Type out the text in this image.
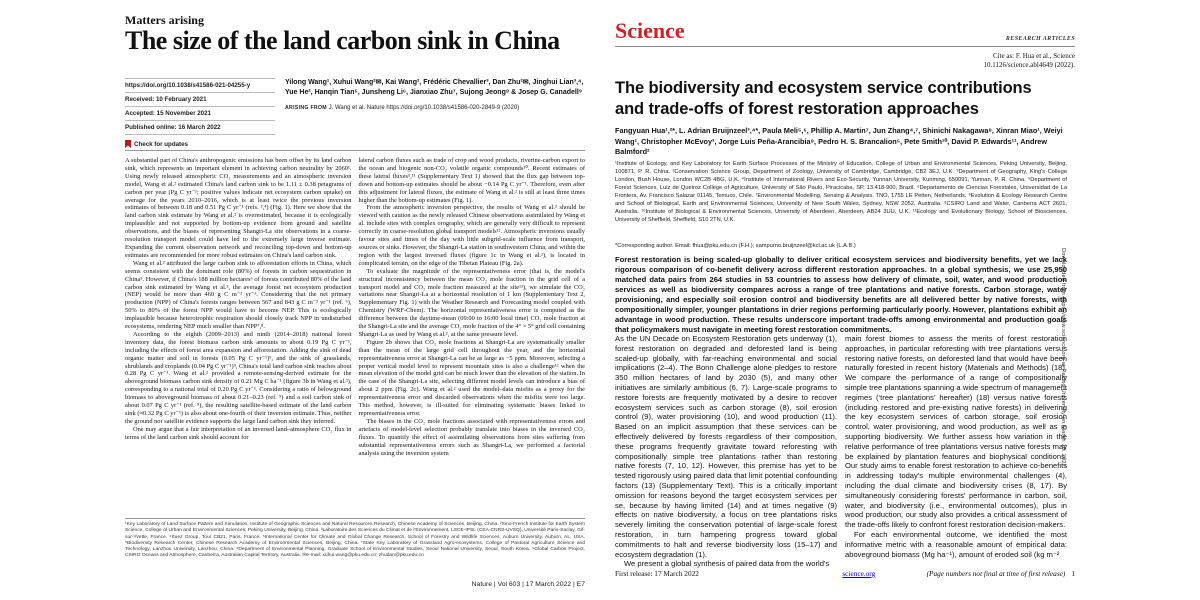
Matters arising
The size of the land carbon sink in China
https://doi.org/10.1038/s41586-021-04255-y
Received: 10 February 2021
Accepted: 15 November 2021
Published online: 16 March 2022
Check for updates
Yilong Wang¹, Xuhui Wang²✉, Kai Wang², Frédéric Chevallier³, Dan Zhu²✉, Jinghui Lian³,⁴, Yue He², Hanqin Tian⁵, Junsheng Li⁶, Jianxiao Zhu⁷, Sujong Jeong⁸ & Josep G. Canadell⁹
ARISING FROM J. Wang et al. Nature https://doi.org/10.1038/s41586-020-2849-9 (2020)

A substantial part of China's anthropogenic emissions has been offset by its land carbon sink, which represents an important element in achieving carbon neutrality by 2060¹. Using newly released atmospheric CO₂ measurements and an atmospheric inversion model, Wang et al.² estimated China's land carbon sink to be 1.11 ± 0.38 petagrams of carbon per year (Pg C yr⁻¹; positive values indicate net ecosystem carbon uptake) on average for the years 2010–2016, which is at least twice the previous inversion estimates of between 0.18 and 0.51 Pg C yr⁻¹ (refs. ³,⁴) (Fig. 1). Here we show that the land carbon sink estimate by Wang et al.² is overestimated, because it is ecologically implausible and not supported by bottom-up evidence from ground and satellite observations, and the biases of representing Shangri-La site observations in a coarse-resolution transport model could have led to the extremely large inverse estimate. Expanding the current observation network and reconciling top-down and bottom-up estimates are recommended for more robust estimates on China's land carbon sink.

Wang et al.² attributed the large carbon sink to afforestation efforts in China, which seems consistent with the dominant role (80%) of forests in carbon sequestration in China⁵. However, if China's 188 million hectares⁶ of forests contributed 80% of the land carbon sink estimated by Wang et al.², the average forest net ecosystem production (NEP) would be more than 460 g C m⁻² yr⁻¹. Considering that the net primary production (NPP) of China's forests ranges between 567 and 843 g C m⁻² yr⁻¹ (ref. ⁶), 50% to 80% of the forest NPP would have to become NEP. This is ecologically implausible because heterotrophic respiration should closely track NPP in undisturbed ecosystems, rendering NEP much smaller than NPP⁷,⁸.

According to the eighth (2009–2013) and ninth (2014–2018) national forest inventory data, the forest biomass carbon sink amounts to about 0.19 Pg C yr⁻¹, including the effects of forest area expansion and afforestation. Adding the sink of dead organic matter and soil in forests (0.05 Pg C yr⁻¹)⁹, and the sink of grasslands, shrublands and croplands (0.04 Pg C yr⁻¹)⁹, China's total land carbon sink reaches about 0.28 Pg C yr⁻¹. Wang et al.² provided a remote-sensing-derived estimate for the aboveground biomass carbon sink density of 0.21 Mg C ha⁻¹ (figure 3b in Wang et al.²), corresponding to a national total of 0.20 Pg C yr⁻¹. Considering a ratio of belowground biomass to aboveground biomass of about 0.21–0.23 (ref. ⁹) and a soil carbon sink of about 0.07 Pg C yr⁻¹ (ref. ⁹), the resulting satellite-based estimate of the land carbon sink (≈0.32 Pg C yr⁻¹) is also about one-fourth of their inversion estimate. Thus, neither the ground nor satellite evidence supports the large land carbon sink they inferred.

One may argue that a fair interpretation of an inversed land–atmosphere CO₂ flux in terms of the land carbon sink should account for

lateral carbon fluxes such as trade of crop and wood products, riverine-carbon export to the ocean and biogenic non-CO₂ volatile organic compounds¹⁰. Recent estimates of these lateral fluxes⁵,¹¹ (Supplementary Text 1) showed that the flux gap between top-down and bottom-up estimates should be about −0.14 Pg C yr⁻¹. Therefore, even after this adjustment for lateral fluxes, the estimate of Wang et al.² is still at least three times higher than the bottom-up estimates (Fig. 1).

From the atmospheric inversion perspective, the results of Wang et al.² should be viewed with caution as the newly released Chinese observations assimilated by Wang et al. include sites with complex orography, which are generally very difficult to represent correctly in coarse-resolution global transport models¹². Atmospheric inversions usually favour sites and times of the day with little subgrid-scale influence from transport, sources or sinks. However, the Shangri-La station in southwestern China, and within the region with the largest inversed fluxes (figure 1c in Wang et al.²), is located in complicated terrain, on the edge of the Tibetan Plateau (Fig. 2a).

To evaluate the magnitude of the representativeness error (that is, the model's structural inconsistency between the mean CO₂ mole fraction in the grid cell of a transport model and CO₂ mole fraction measured at the site¹³), we simulate the CO₂ variations near Shangri-La at a horizontal resolution of 1 km (Supplementary Text 2, Supplementary Fig. 1) with the Weather Research and Forecasting model coupled with Chemistry (WRF-Chem). The horizontal representativeness error is computed as the difference between the daytime-mean (09:00 to 16:00 local time) CO₂ mole fraction at the Shangri-La site and the average CO₂ mole fraction of the 4° × 5° grid cell containing Shangri-La as used by Wang et al.², at the same pressure level.

Figure 2b shows that CO₂ mole fractions at Shangri-La are systematically smaller than the mean of the large grid cell throughout the year, and the horizontal representativeness error at Shangri-La can be as large as −5 ppm. Moreover, selecting a proper vertical model level to represent mountain sites is also a challenge¹² when the mean elevation of the model grid can be much lower than the elevation of the station. In the case of the Shangri-La site, selecting different model levels can introduce a bias of about 2 ppm (Fig. 2c). Wang et al.² used the model–data misfits as a proxy for the representativeness error and discarded observations when the misfits were too large. This method, however, is ill-suited for eliminating systematic biases linked to representativeness error.

The biases in the CO₂ mole fractions associated with representativeness errors and artefacts of model-level selection probably translate into biases in the inversed CO₂ fluxes. To quantify the effect of assimilating observations from sites suffering from substantial representativeness errors such as Shangri-La, we performed a factorial analysis using the inversion system

¹Key Laboratory of Land Surface Pattern and Simulation, Institute of Geographic Sciences and Natural Resources Research, Chinese Academy of Sciences, Beijing, China. ²Sino-French Institute for Earth System Science, College of Urban and Environmental Sciences, Peking University, Beijing, China. ³Laboratoire des Sciences du Climat et de l'Environnement, LSCE-IPSL (CEA-CNRS-UVSQ), Université Paris-Saclay, Gif-sur-Yvette, France. ⁴Suez Group, Tour CB21, Paris, France. ⁵International Center for Climate and Global Change Research, School of Forestry and Wildlife Sciences, Auburn University, Auburn, AL, USA. ⁶Biodiversity Research Center, Chinese Research Academy of Environmental Sciences, Beijing, China. ⁷State Key Laboratory of Grassland Agro-ecosystems, College of Pastoral Agriculture Science and Technology, Lanzhou University, Lanzhou, China. ⁸Department of Environmental Planning, Graduate School of Environmental Studies, Seoul National University, Seoul, South Korea. ⁹Global Carbon Project, CSIRO Oceans and Atmosphere, Canberra, Australian Capital Territory, Australia. ✉e-mail: xuhui.wang@pku.edu.cn; zhudan@pku.edu.cn
Nature | Vol 603 | 17 March 2022 | E7
Science	RESEARCH ARTICLES
Cite as: F. Hua et al., Science
10.1126/science.abl4649 (2022).
The biodiversity and ecosystem service contributions and trade-offs of forest restoration approaches
Fangyuan Hua¹,²*, L. Adrian Bruijnzeel³,⁴*, Paula Meli⁵,⁶, Phillip A. Martin⁷, Jun Zhang⁴,⁷, Shinichi Nakagawa⁸, Xinran Miao¹, Weiyi Wang¹, Christopher McEvoy³, Jorge Luis Peña-Arancibia⁹, Pedro H. S. Brancalion⁵, Pete Smith¹⁰, David P. Edwards¹¹, Andrew Balmford²
¹Institute of Ecology, and Key Laboratory for Earth Surface Processes of the Ministry of Education, College of Urban and Environmental Sciences, Peking University, Beijing, 100871, P. R. China. ²Conservation Science Group, Department of Zoology, University of Cambridge, Cambridge, CB2 3EJ, U.K. ³Department of Geography, King's College London, Bush House, London WC2B 4BG, U.K. ⁴Institute of International Rivers and Eco-Security, Yunnan University, Kunming, 650091, Yunnan, P. R. China. ⁵Department of Forest Sciences, Luiz de Queiroz College of Agriculture, University of São Paulo, Piracicaba, SP, 13.418-900, Brazil. ⁶Departamento de Ciencias Forestales, Universidad de La Frontera, Av. Francisco Salazar 01145, Temuco, Chile. ⁷Environmental Modelling, Sensing & Analysis, TNO, 1755 LE Petten, Netherlands. ⁸Evolution & Ecology Research Centre and School of Biological, Earth and Environmental Sciences, University of New South Wales, Sydney, NSW 2052, Australia. ⁹CSIRO Land and Water, Canberra ACT 2601, Australia. ¹⁰Institute of Biological & Environmental Sciences, University of Aberdeen, Aberdeen, AB24 3UU, U.K. ¹¹Ecology and Evolutionary Biology, School of Biosciences, University of Sheffield, Sheffield, S10 2TN, U.K.
*Corresponding author. Email: fhua@pku.edu.cn (F.H.); sampurno.bruijnzeel@kcl.ac.uk (L.A.B.)
Forest restoration is being scaled-up globally to deliver critical ecosystem services and biodiversity benefits, yet we lack rigorous comparison of co-benefit delivery across different restoration approaches. In a global synthesis, we use 25,950 matched data pairs from 264 studies in 53 countries to assess how delivery of climate, soil, water, and wood production services as well as biodiversity compares across a range of tree plantations and native forests. Carbon storage, water provisioning, and especially soil erosion control and biodiversity benefits are all delivered better by native forests, with compositionally simpler, younger plantations in drier regions performing particularly poorly. However, plantations exhibit an advantage in wood production. These results underscore important trade-offs among environmental and production goals that policymakers must navigate in meeting forest restoration commitments.

As the UN Decade on Ecosystem Restoration gets underway (1), forest restoration on degraded and deforested land is being scaled-up globally, with far-reaching environmental and social implications (2–4). The Bonn Challenge alone pledges to restore 350 million hectares of land by 2030 (5), and many other initiatives are similarly ambitious (6, 7). Large-scale programs to restore forests are frequently motivated by a desire to recover ecosystem services such as carbon storage (8), soil erosion control (9), water provisioning (10), and wood production (11). Based on an implicit assumption that these services can be effectively delivered by forests regardless of their composition, these programs frequently gravitate toward reforesting with compositionally simple tree plantations rather than restoring native forests (7, 10, 12). However, this premise has yet to be tested rigorously using paired data that limit potential confounding factors (13) (Supplementary Text). This is a critically important omission for reasons beyond the target ecosystem services per se, because by having limited (14) and at times negative (9) effects on native biodiversity, a focus on tree plantations risks severely limiting the conservation potential of large-scale forest restoration, in turn hampering progress toward global commitments to halt and reverse biodiversity loss (15–17) and ecosystem degradation (1).

We present a global synthesis of paired data from the world's

main forest biomes to assess the merits of forest restoration approaches, in particular reforesting with tree plantations versus restoring native forests, on deforested land that would have been naturally forested in recent history (Materials and Methods) (18). We compare the performance of a range of compositionally simple tree plantations spanning a wide spectrum of management regimes (‘tree plantations’ hereafter) (18) versus native forests (including restored and pre-existing native forests) in delivering the key ecosystem services of carbon storage, soil erosion control, water provisioning, and wood production, as well as in supporting biodiversity. We further assess how variation in the relative performance of tree plantations versus native forests may be explained by plantation features and biophysical conditions. Our study aims to enable forest restoration to achieve co-benefits in addressing today's multiple environmental challenges (4), including the dual climate and biodiversity crises (8, 17). By simultaneously considering forests' performance in carbon, soil, water, and biodiversity (i.e., environmental outcomes), plus in wood production, our study also provides a critical assessment of the trade-offs likely to confront forest restoration decision-makers.

For each environmental outcome, we identified the most informative metric with a reasonable amount of empirical data: aboveground biomass (Mg ha⁻¹), amount of eroded soil (kg m⁻²

First release: 17 March 2022	science.org	(Page numbers not final at time of first release) 1
Downloaded from https://www.science.org at Peking University on March 18, 2022
